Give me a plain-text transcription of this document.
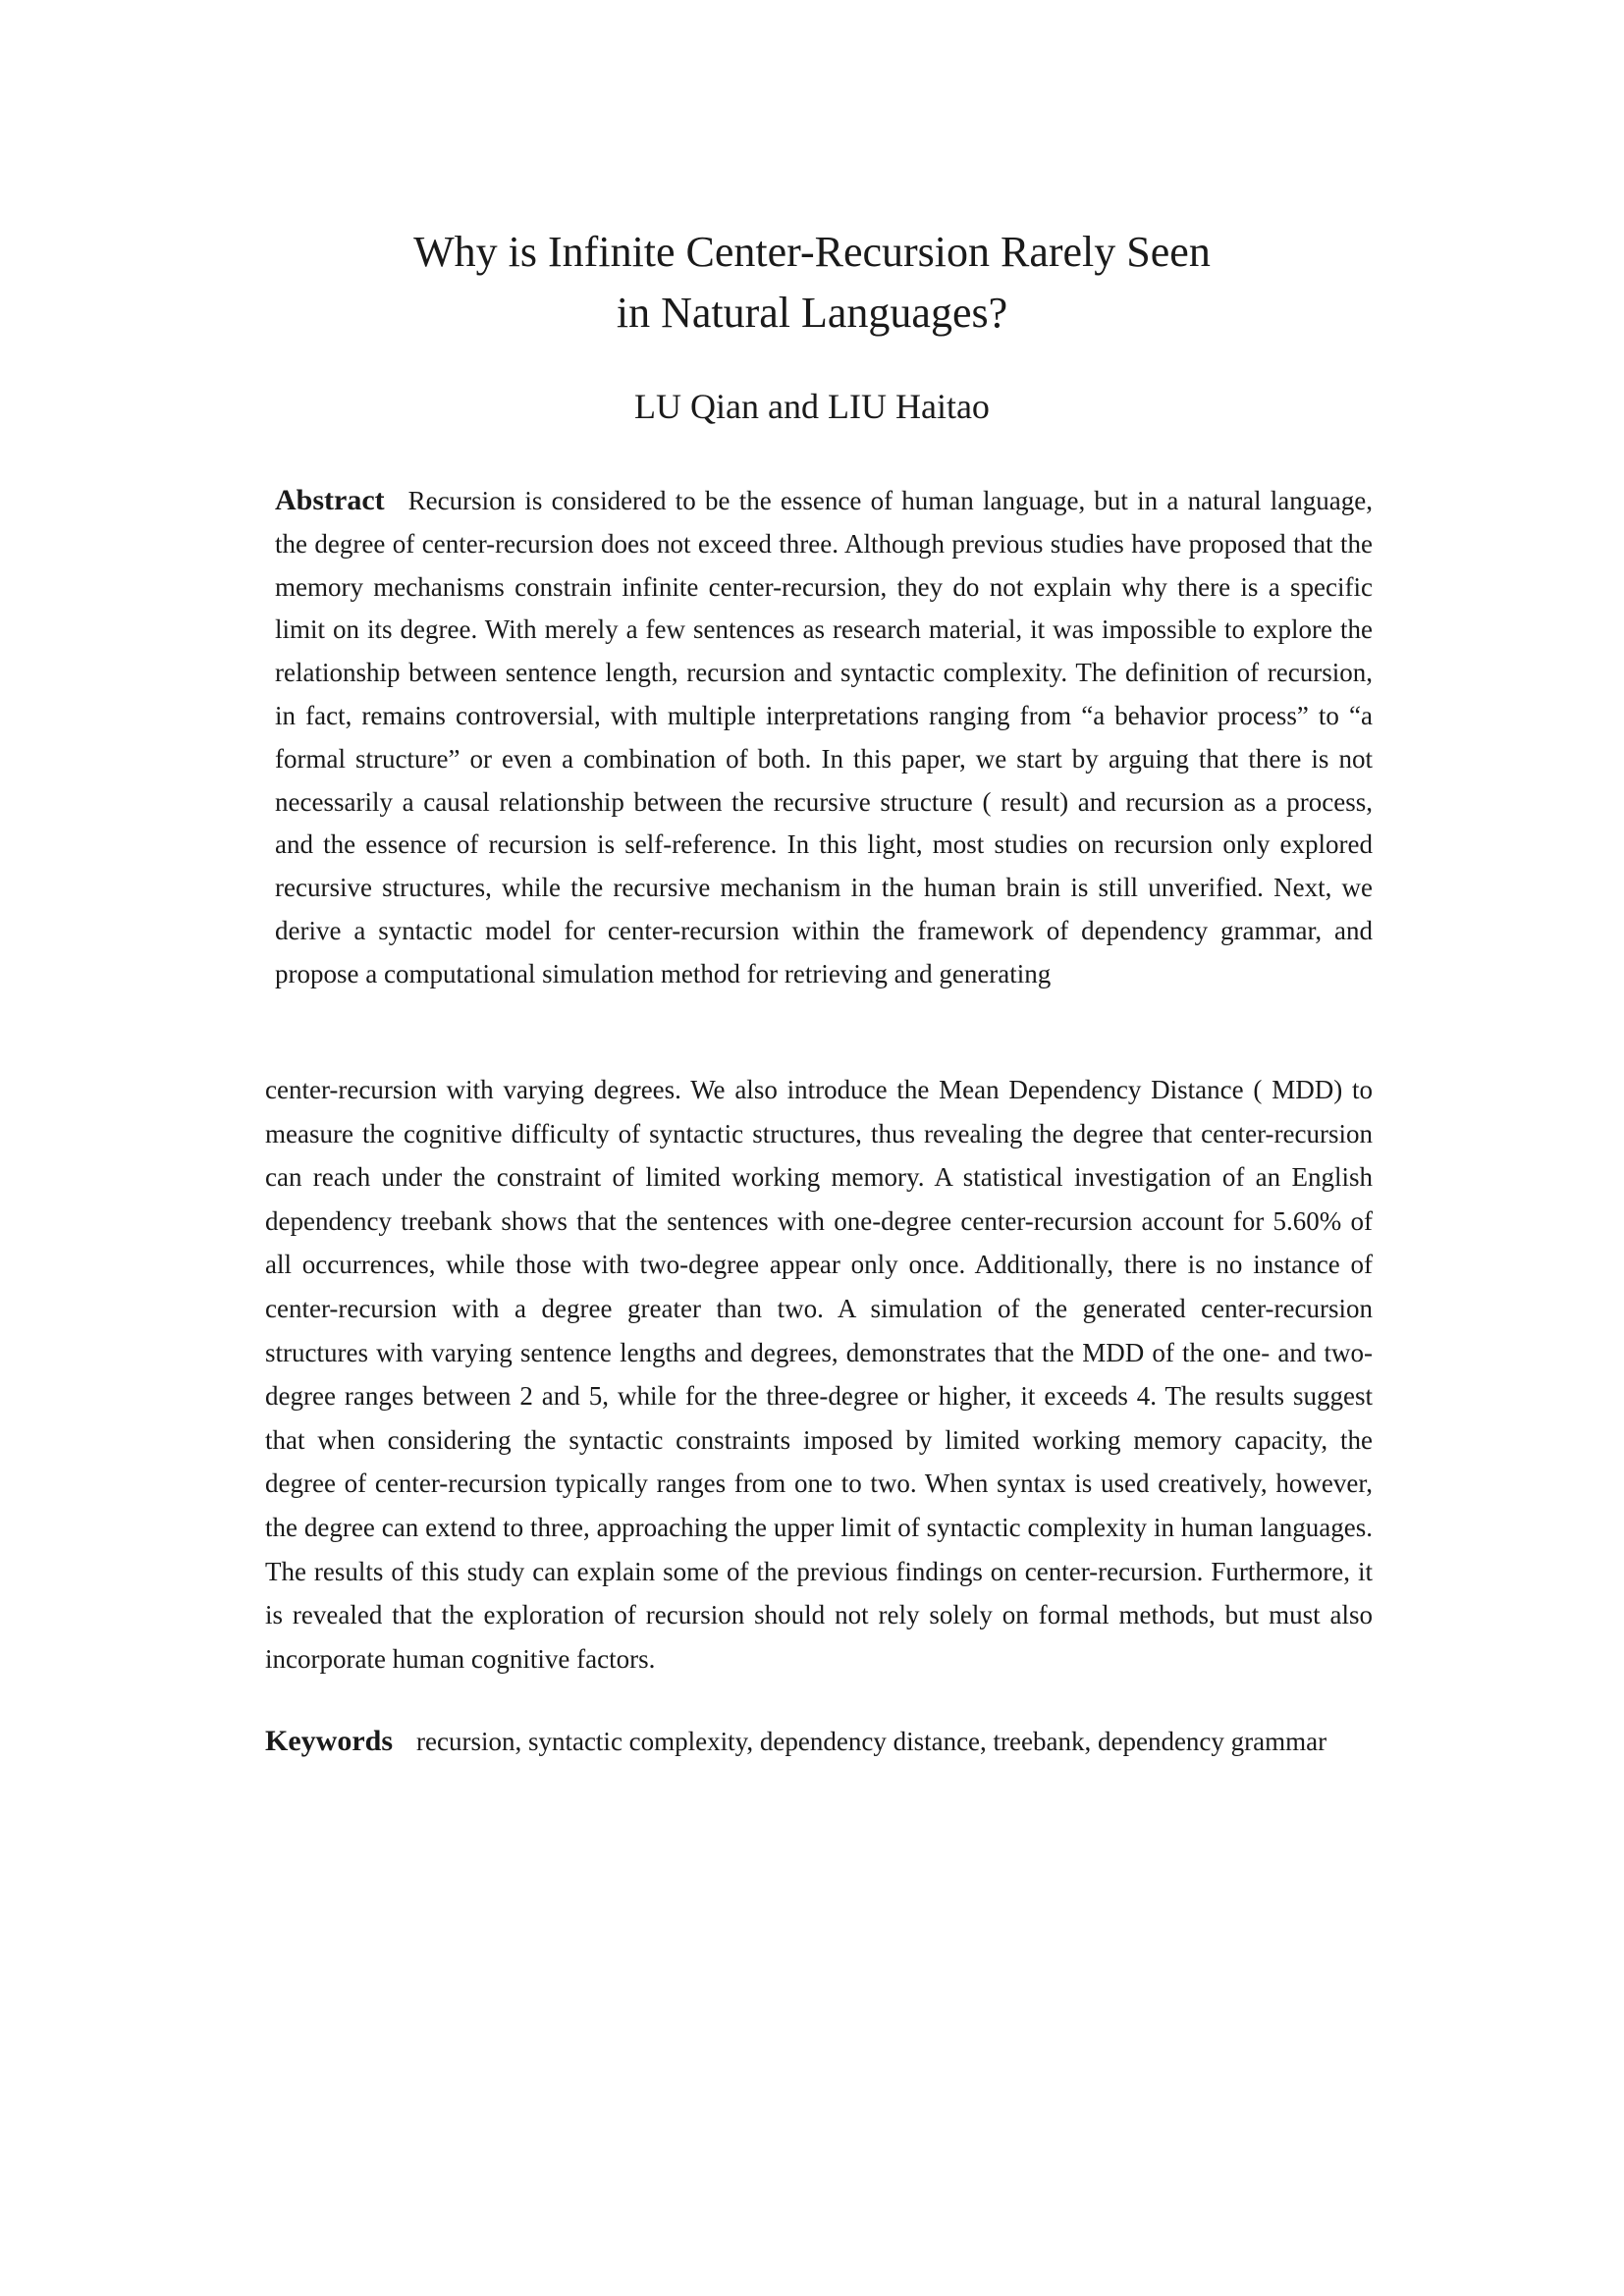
Why is Infinite Center-Recursion Rarely Seen
in Natural Languages?

LU Qian and LIU Haitao

Abstract Recursion is considered to be the essence of human language, but in a natural language, the degree of center-recursion does not exceed three. Although previous studies have proposed that the memory mechanisms constrain infinite center-recursion, they do not explain why there is a specific limit on its degree. With merely a few sentences as research material, it was impossible to explore the relationship between sentence length, recursion and syntactic complexity. The definition of recursion, in fact, remains controversial, with multiple interpretations ranging from “a behavior process” to “a formal structure” or even a combination of both. In this paper, we start by arguing that there is not necessarily a causal relationship between the recursive structure ( result) and recursion as a process, and the essence of recursion is self-reference. In this light, most studies on recursion only explored recursive structures, while the recursive mechanism in the human brain is still unverified. Next, we derive a syntactic model for center-recursion within the framework of dependency grammar, and propose a computational simulation method for retrieving and generating

center-recursion with varying degrees. We also introduce the Mean Dependency Distance ( MDD) to measure the cognitive difficulty of syntactic structures, thus revealing the degree that center-recursion can reach under the constraint of limited working memory. A statistical investigation of an English dependency treebank shows that the sentences with one-degree center-recursion account for 5.60% of all occurrences, while those with two-degree appear only once. Additionally, there is no instance of center-recursion with a degree greater than two. A simulation of the generated center-recursion structures with varying sentence lengths and degrees, demonstrates that the MDD of the one- and two-degree ranges between 2 and 5, while for the three-degree or higher, it exceeds 4. The results suggest that when considering the syntactic constraints imposed by limited working memory capacity, the degree of center-recursion typically ranges from one to two. When syntax is used creatively, however, the degree can extend to three, approaching the upper limit of syntactic complexity in human languages. The results of this study can explain some of the previous findings on center-recursion. Furthermore, it is revealed that the exploration of recursion should not rely solely on formal methods, but must also incorporate human cognitive factors.

Keywords recursion, syntactic complexity, dependency distance, treebank, dependency grammar
